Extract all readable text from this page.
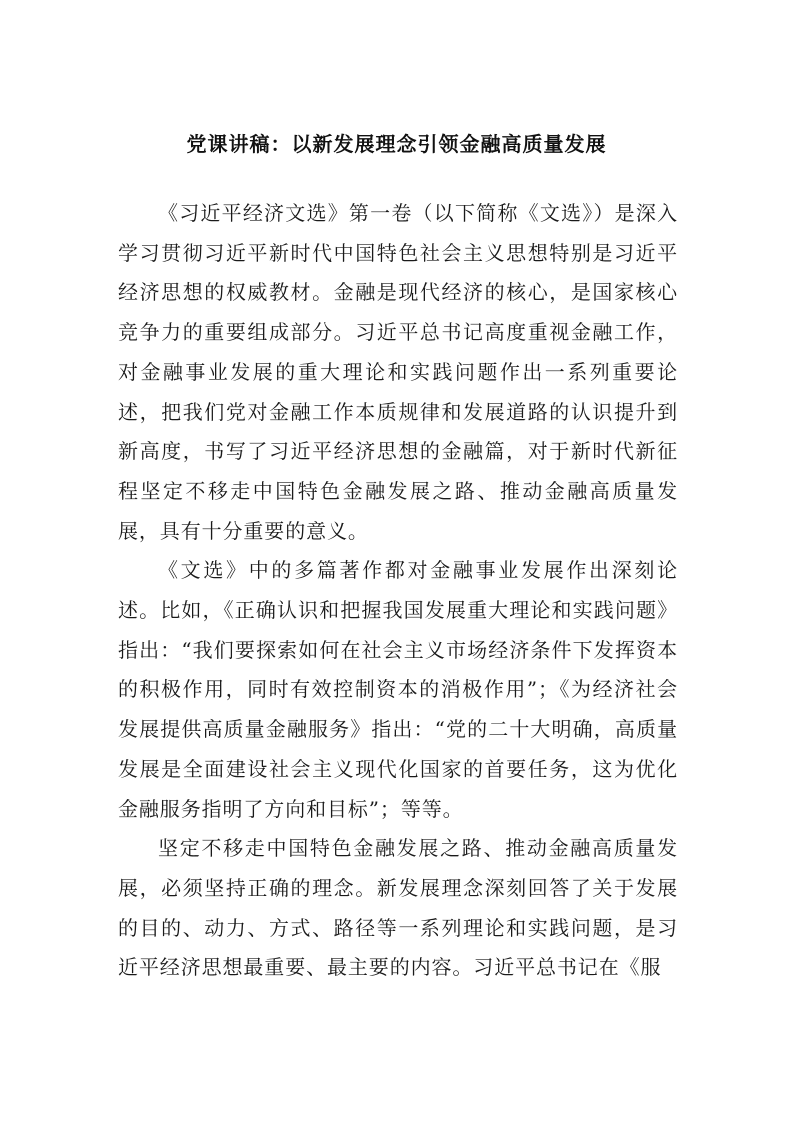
党课讲稿：以新发展理念引领金融高质量发展

《习近平经济文选》第一卷（以下简称《文选》）是深入学习贯彻习近平新时代中国特色社会主义思想特别是习近平经济思想的权威教材。金融是现代经济的核心，是国家核心竞争力的重要组成部分。习近平总书记高度重视金融工作，对金融事业发展的重大理论和实践问题作出一系列重要论述，把我们党对金融工作本质规律和发展道路的认识提升到新高度，书写了习近平经济思想的金融篇，对于新时代新征程坚定不移走中国特色金融发展之路、推动金融高质量发展，具有十分重要的意义。

《文选》中的多篇著作都对金融事业发展作出深刻论述。比如，《正确认识和把握我国发展重大理论和实践问题》指出：“我们要探索如何在社会主义市场经济条件下发挥资本的积极作用，同时有效控制资本的消极作用”；《为经济社会发展提供高质量金融服务》指出：“党的二十大明确，高质量发展是全面建设社会主义现代化国家的首要任务，这为优化金融服务指明了方向和目标”；等等。

坚定不移走中国特色金融发展之路、推动金融高质量发展，必须坚持正确的理念。新发展理念深刻回答了关于发展的目的、动力、方式、路径等一系列理论和实践问题，是习近平经济思想最重要、最主要的内容。习近平总书记在《服
